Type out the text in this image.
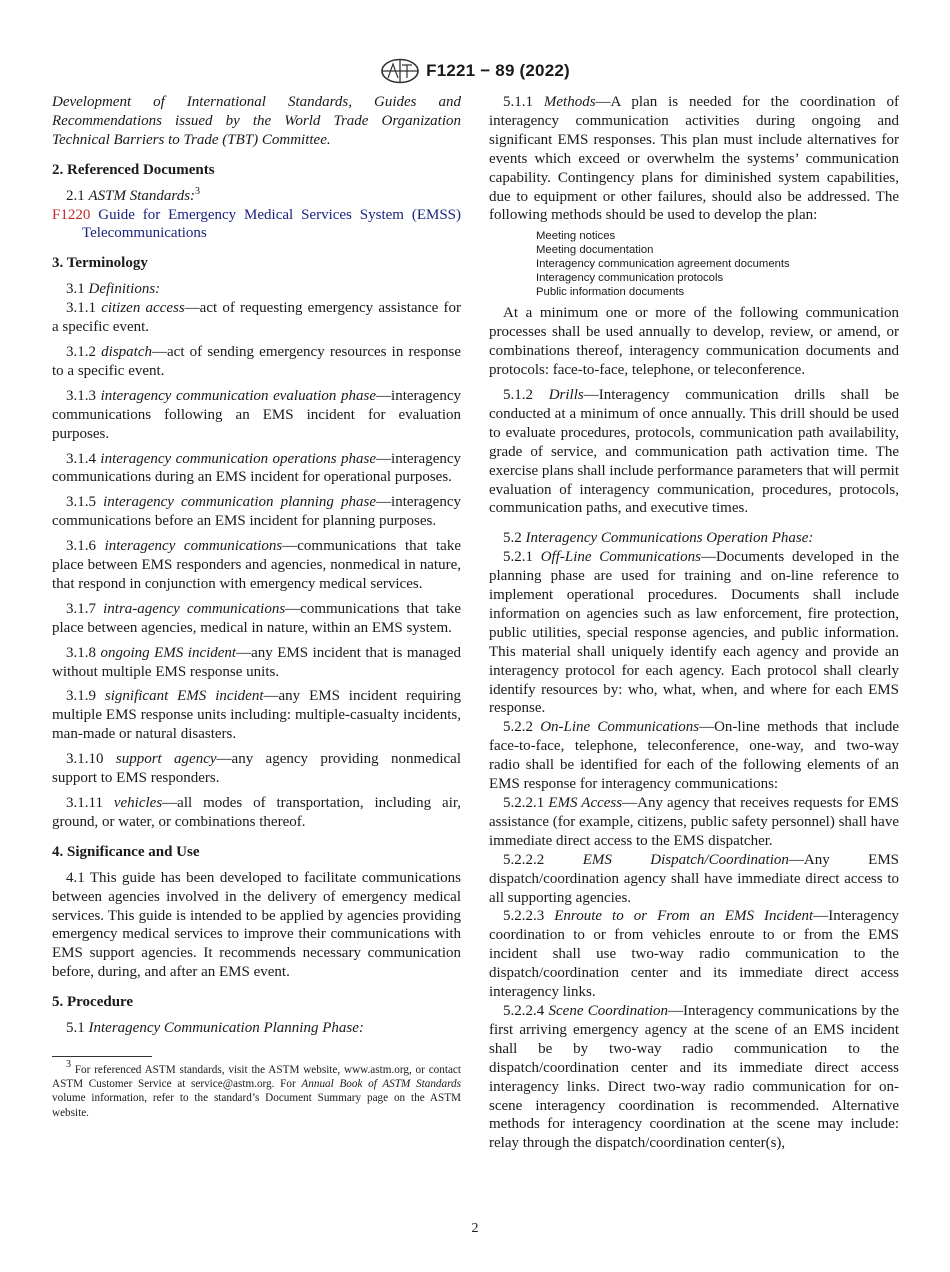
F1221 − 89 (2022)

Development of International Standards, Guides and Recommendations issued by the World Trade Organization Technical Barriers to Trade (TBT) Committee.

2. Referenced Documents

2.1 ASTM Standards:$^3$

F1220 Guide for Emergency Medical Services System (EMSS) Telecommunications

3. Terminology

3.1 Definitions:

3.1.1 citizen access—act of requesting emergency assistance for a specific event.

3.1.2 dispatch—act of sending emergency resources in response to a specific event.

3.1.3 interagency communication evaluation phase—interagency communications following an EMS incident for evaluation purposes.

3.1.4 interagency communication operations phase—interagency communications during an EMS incident for operational purposes.

3.1.5 interagency communication planning phase—interagency communications before an EMS incident for planning purposes.

3.1.6 interagency communications—communications that take place between EMS responders and agencies, nonmedical in nature, that respond in conjunction with emergency medical services.

3.1.7 intra-agency communications—communications that take place between agencies, medical in nature, within an EMS system.

3.1.8 ongoing EMS incident—any EMS incident that is managed without multiple EMS response units.

3.1.9 significant EMS incident—any EMS incident requiring multiple EMS response units including: multiple-casualty incidents, man-made or natural disasters.

3.1.10 support agency—any agency providing nonmedical support to EMS responders.

3.1.11 vehicles—all modes of transportation, including air, ground, or water, or combinations thereof.

4. Significance and Use

4.1 This guide has been developed to facilitate communications between agencies involved in the delivery of emergency medical services. This guide is intended to be applied by agencies providing emergency medical services to improve their communications with EMS support agencies. It recommends necessary communication before, during, and after an EMS event.

5. Procedure

5.1 Interagency Communication Planning Phase:

$^3$ For referenced ASTM standards, visit the ASTM website, www.astm.org, or contact ASTM Customer Service at service@astm.org. For Annual Book of ASTM Standards volume information, refer to the standard’s Document Summary page on the ASTM website.

5.1.1 Methods—A plan is needed for the coordination of interagency communication activities during ongoing and significant EMS responses. This plan must include alternatives for events which exceed or overwhelm the systems’ communication capability. Contingency plans for diminished system capabilities, due to equipment or other failures, should also be addressed. The following methods should be used to develop the plan:

Meeting notices
Meeting documentation
Interagency communication agreement documents
Interagency communication protocols
Public information documents

At a minimum one or more of the following communication processes shall be used annually to develop, review, or amend, or combinations thereof, interagency communication documents and protocols: face-to-face, telephone, or teleconference.

5.1.2 Drills—Interagency communication drills shall be conducted at a minimum of once annually. This drill should be used to evaluate procedures, protocols, communication path availability, grade of service, and communication path activation time. The exercise plans shall include performance parameters that will permit evaluation of interagency communication, procedures, protocols, communication paths, and executive times.

5.2 Interagency Communications Operation Phase:

5.2.1 Off-Line Communications—Documents developed in the planning phase are used for training and on-line reference to implement operational procedures. Documents shall include information on agencies such as law enforcement, fire protection, public utilities, special response agencies, and public information. This material shall uniquely identify each agency and provide an interagency protocol for each agency. Each protocol shall clearly identify resources by: who, what, when, and where for each EMS response.

5.2.2 On-Line Communications—On-line methods that include face-to-face, telephone, teleconference, one-way, and two-way radio shall be identified for each of the following elements of an EMS response for interagency communications:

5.2.2.1 EMS Access—Any agency that receives requests for EMS assistance (for example, citizens, public safety personnel) shall have immediate direct access to the EMS dispatcher.

5.2.2.2	EMS Dispatch/Coordination—Any EMS dispatch/coordination agency shall have immediate direct access to all supporting agencies.

5.2.2.3 Enroute to or From an EMS Incident—Interagency coordination to or from vehicles enroute to or from the EMS incident shall use two-way radio communication to the dispatch/coordination center and its immediate direct access interagency links.

5.2.2.4 Scene Coordination—Interagency communications by the first arriving emergency agency at the scene of an EMS incident shall be by two-way radio communication to the dispatch/coordination center and its immediate direct access interagency links. Direct two-way radio communication for on-scene interagency coordination is recommended. Alternative methods for interagency coordination at the scene may include: relay through the dispatch/coordination center(s),

2
